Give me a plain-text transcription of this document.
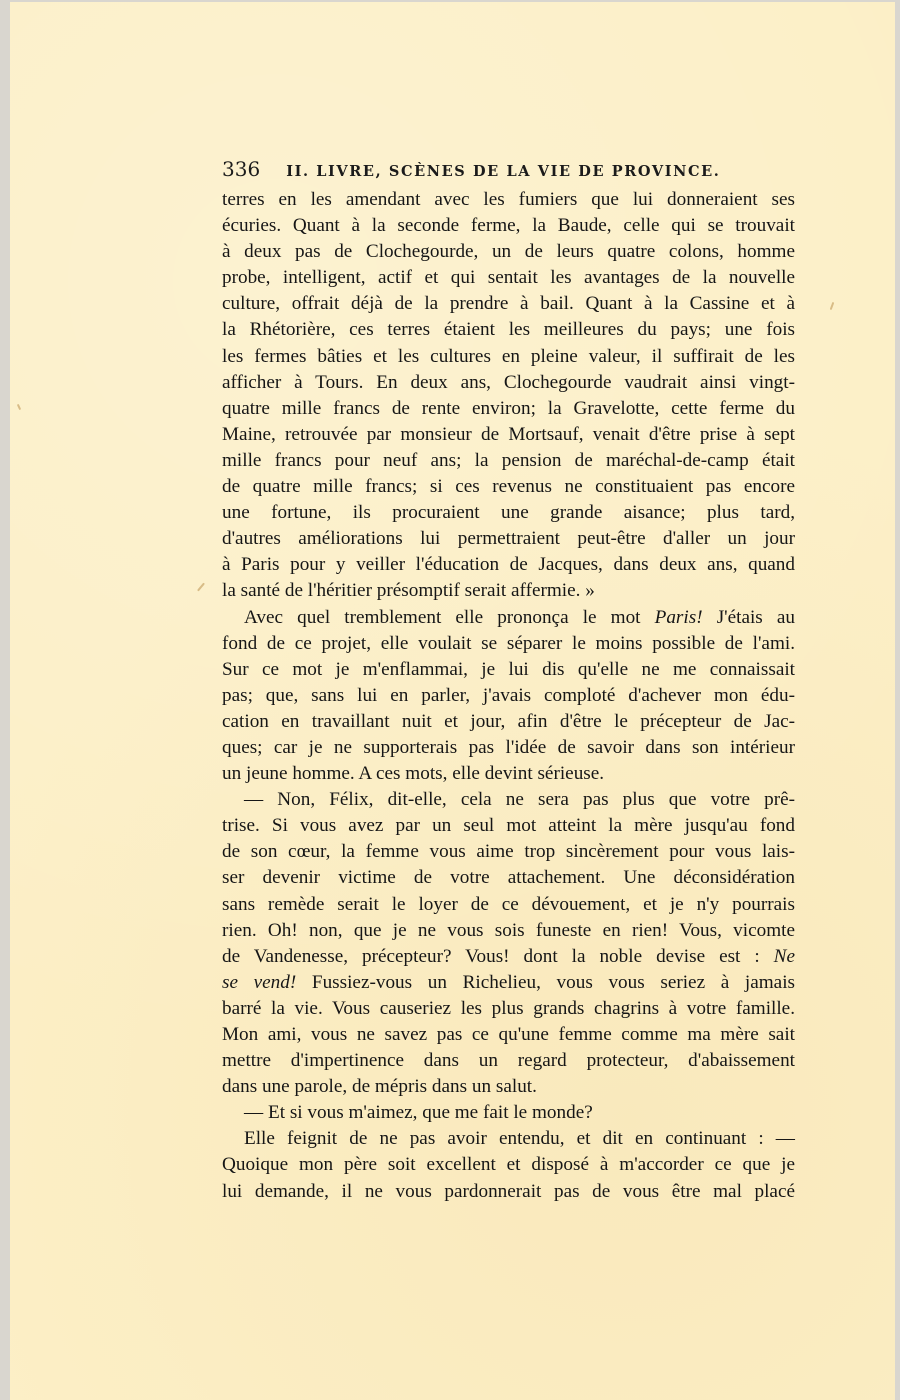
336 II. LIVRE, SCÈNES DE LA VIE DE PROVINCE.
terres en les amendant avec les fumiers que lui donneraient ses
écuries. Quant à la seconde ferme, la Baude, celle qui se trouvait
à deux pas de Clochegourde, un de leurs quatre colons, homme
probe, intelligent, actif et qui sentait les avantages de la nouvelle
culture, offrait déjà de la prendre à bail. Quant à la Cassine et à
la Rhétorière, ces terres étaient les meilleures du pays; une fois
les fermes bâties et les cultures en pleine valeur, il suffirait de les
afficher à Tours. En deux ans, Clochegourde vaudrait ainsi vingt-
quatre mille francs de rente environ; la Gravelotte, cette ferme du
Maine, retrouvée par monsieur de Mortsauf, venait d'être prise à sept
mille francs pour neuf ans; la pension de maréchal-de-camp était
de quatre mille francs; si ces revenus ne constituaient pas encore
une fortune, ils procuraient une grande aisance; plus tard,
d'autres améliorations lui permettraient peut-être d'aller un jour
à Paris pour y veiller l'éducation de Jacques, dans deux ans, quand
la santé de l'héritier présomptif serait affermie. »
Avec quel tremblement elle prononça le mot Paris! J'étais au
fond de ce projet, elle voulait se séparer le moins possible de l'ami.
Sur ce mot je m'enflammai, je lui dis qu'elle ne me connaissait
pas; que, sans lui en parler, j'avais comploté d'achever mon édu-
cation en travaillant nuit et jour, afin d'être le précepteur de Jac-
ques; car je ne supporterais pas l'idée de savoir dans son intérieur
un jeune homme. A ces mots, elle devint sérieuse.
— Non, Félix, dit-elle, cela ne sera pas plus que votre prê-
trise. Si vous avez par un seul mot atteint la mère jusqu'au fond
de son cœur, la femme vous aime trop sincèrement pour vous lais-
ser devenir victime de votre attachement. Une déconsidération
sans remède serait le loyer de ce dévouement, et je n'y pourrais
rien. Oh! non, que je ne vous sois funeste en rien! Vous, vicomte
de Vandenesse, précepteur? Vous! dont la noble devise est : Ne
se vend! Fussiez-vous un Richelieu, vous vous seriez à jamais
barré la vie. Vous causeriez les plus grands chagrins à votre famille.
Mon ami, vous ne savez pas ce qu'une femme comme ma mère sait
mettre d'impertinence dans un regard protecteur, d'abaissement
dans une parole, de mépris dans un salut.
— Et si vous m'aimez, que me fait le monde?
Elle feignit de ne pas avoir entendu, et dit en continuant : —
Quoique mon père soit excellent et disposé à m'accorder ce que je
lui demande, il ne vous pardonnerait pas de vous être mal placé
